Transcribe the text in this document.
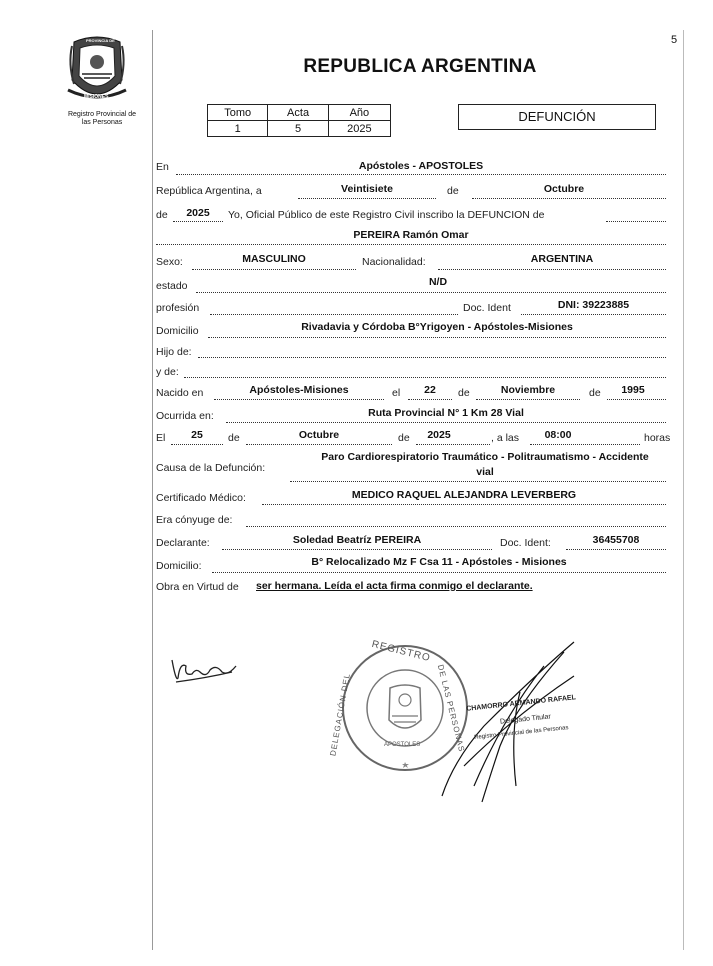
5
PROVINCIA DE
MISIONES
Registro Provincial de
las Personas
REPUBLICA ARGENTINA
Tomo	Acta	Año
1	5	2025
DEFUNCIÓN
En	Apóstoles - APOSTOLES
República Argentina, a	Veintisiete	de	Octubre
de	2025	Yo, Oficial Público de este Registro Civil inscribo la DEFUNCION de
PEREIRA Ramón Omar
Sexo:	MASCULINO	Nacionalidad:	ARGENTINA
estado	N/D
profesión	Doc. Ident	DNI: 39223885
Domicilio	Rivadavia y Córdoba B°Yrigoyen - Apóstoles-Misiones
Hijo de:
y de:
Nacido en	Apóstoles-Misiones	el	22	de	Noviembre	de	1995
Ocurrida en:	Ruta Provincial N° 1 Km 28 Vial
El	25	de	Octubre	de	2025	, a las	08:00	horas
Causa de la Defunción:
Paro Cardiorespiratorio Traumático - Politraumatismo - Accidente
vial
Certificado Médico:	MEDICO RAQUEL ALEJANDRA LEVERBERG
Era cónyuge de:
Declarante:	Soledad Beatríz PEREIRA	Doc. Ident:	36455708
Domicilio:	B° Relocalizado Mz F Csa 11 - Apóstoles - Misiones
Obra en Virtud de ser hermana. Leída el acta firma conmigo el declarante.
REGISTRO
DELEGACIÓN DEL	DE LAS PERSONAS
APOSTOLES
CHAMORRO ARMANDO RAFAEL
Delegado Titular
Registro Provincial de las Personas
